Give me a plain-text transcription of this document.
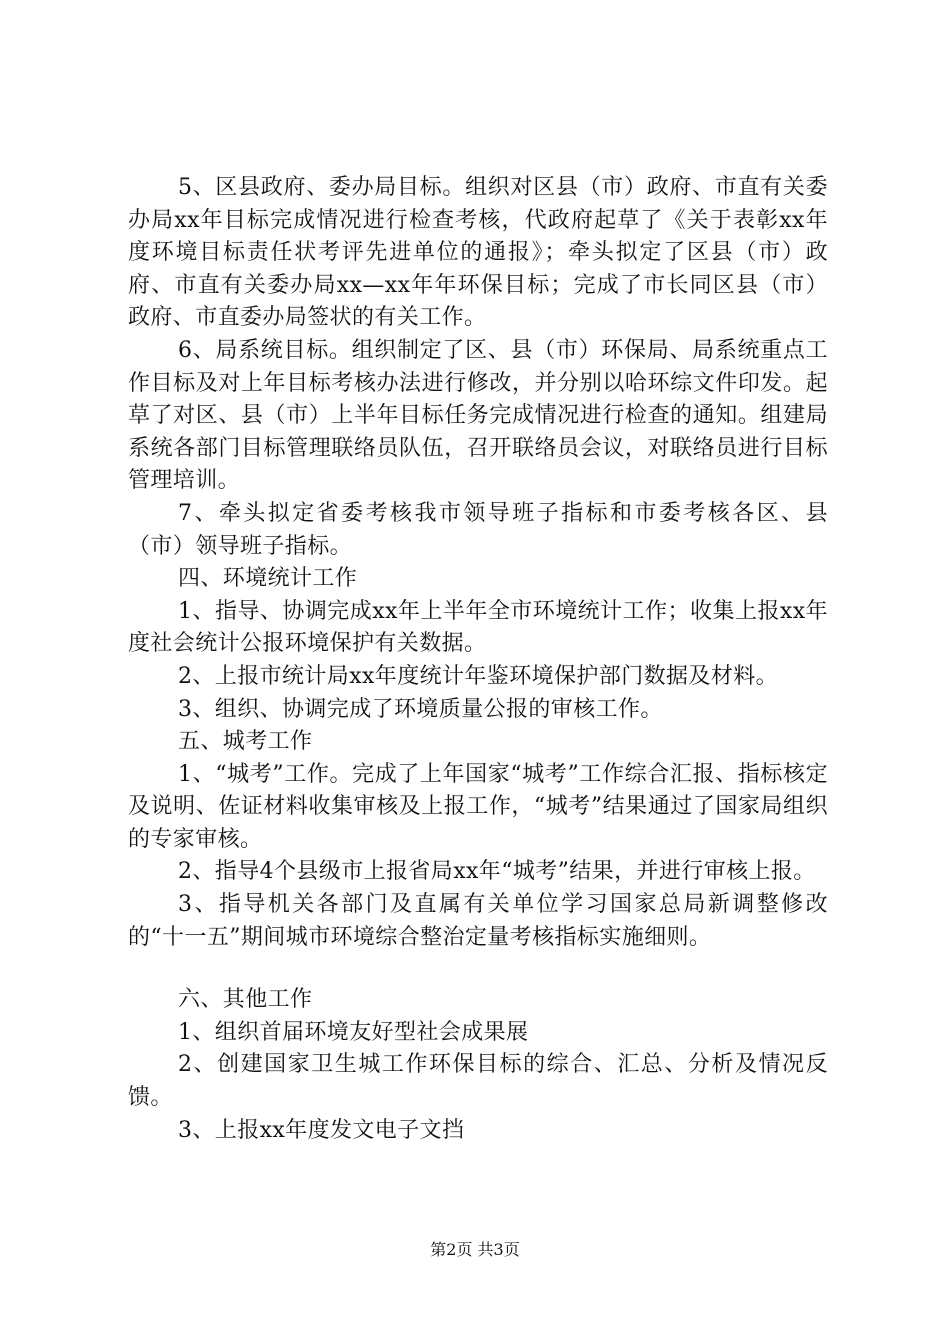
5、区县政府、委办局目标。组织对区县（市）政府、市直有关委办局xx年目标完成情况进行检查考核，代政府起草了《关于表彰xx年度环境目标责任状考评先进单位的通报》；牵头拟定了区县（市）政府、市直有关委办局xx—xx年年环保目标；完成了市长同区县（市）政府、市直委办局签状的有关工作。

6、局系统目标。组织制定了区、县（市）环保局、局系统重点工作目标及对上年目标考核办法进行修改，并分别以哈环综文件印发。起草了对区、县（市）上半年目标任务完成情况进行检查的通知。组建局系统各部门目标管理联络员队伍，召开联络员会议，对联络员进行目标管理培训。

7、牵头拟定省委考核我市领导班子指标和市委考核各区、县（市）领导班子指标。

四、环境统计工作

1、指导、协调完成xx年上半年全市环境统计工作；收集上报xx年度社会统计公报环境保护有关数据。

2、上报市统计局xx年度统计年鉴环境保护部门数据及材料。

3、组织、协调完成了环境质量公报的审核工作。

五、城考工作

1、“城考”工作。完成了上年国家“城考”工作综合汇报、指标核定及说明、佐证材料收集审核及上报工作，“城考”结果通过了国家局组织的专家审核。

2、指导4个县级市上报省局xx年“城考”结果，并进行审核上报。

3、指导机关各部门及直属有关单位学习国家总局新调整修改的“十一五”期间城市环境综合整治定量考核指标实施细则。

六、其他工作

1、组织首届环境友好型社会成果展

2、创建国家卫生城工作环保目标的综合、汇总、分析及情况反馈。

3、上报xx年度发文电子文挡

第2页 共3页
